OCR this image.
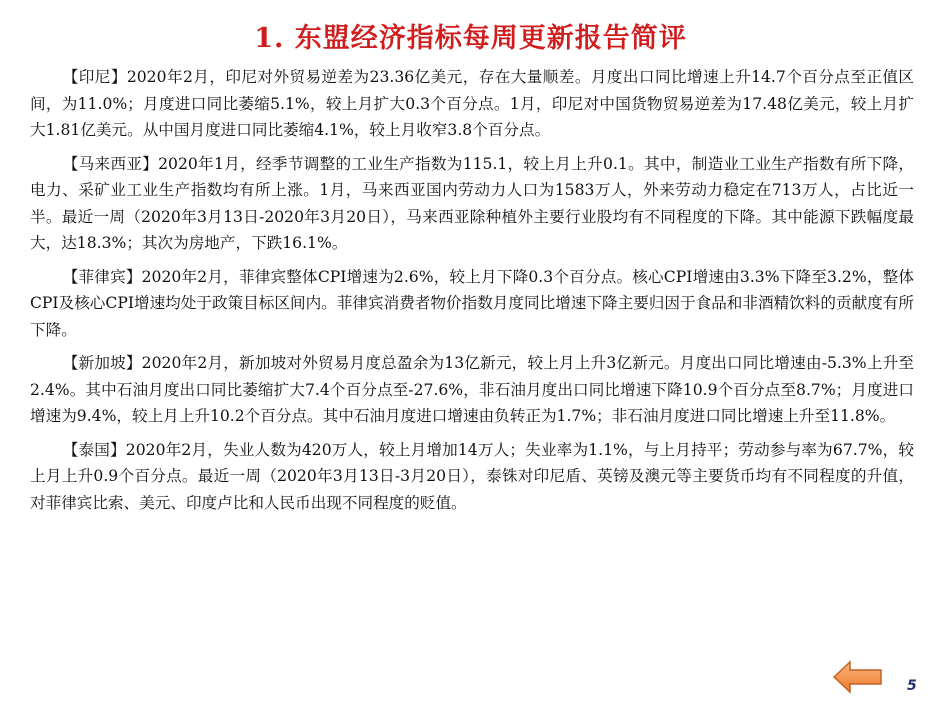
1. 东盟经济指标每周更新报告简评

【印尼】2020年2月，印尼对外贸易逆差为23.36亿美元，存在大量顺差。月度出口同比增速上升14.7个百分点至正值区间，为11.0%；月度进口同比萎缩5.1%，较上月扩大0.3个百分点。1月，印尼对中国货物贸易逆差为17.48亿美元，较上月扩大1.81亿美元。从中国月度进口同比萎缩4.1%，较上月收窄3.8个百分点。

【马来西亚】2020年1月，经季节调整的工业生产指数为115.1，较上月上升0.1。其中，制造业工业生产指数有所下降，电力、采矿业工业生产指数均有所上涨。1月，马来西亚国内劳动力人口为1583万人，外来劳动力稳定在713万人，占比近一半。最近一周（2020年3月13日-2020年3月20日），马来西亚除种植外主要行业股均有不同程度的下降。其中能源下跌幅度最大，达18.3%；其次为房地产，下跌16.1%。

【菲律宾】2020年2月，菲律宾整体CPI增速为2.6%，较上月下降0.3个百分点。核心CPI增速由3.3%下降至3.2%，整体CPI及核心CPI增速均处于政策目标区间内。菲律宾消费者物价指数月度同比增速下降主要归因于食品和非酒精饮料的贡献度有所下降。

【新加坡】2020年2月，新加坡对外贸易月度总盈余为13亿新元，较上月上升3亿新元。月度出口同比增速由-5.3%上升至2.4%。其中石油月度出口同比萎缩扩大7.4个百分点至-27.6%，非石油月度出口同比增速下降10.9个百分点至8.7%；月度进口增速为9.4%，较上月上升10.2个百分点。其中石油月度进口增速由负转正为1.7%；非石油月度进口同比增速上升至11.8%。

【泰国】2020年2月，失业人数为420万人，较上月增加14万人；失业率为1.1%，与上月持平；劳动参与率为67.7%，较上月上升0.9个百分点。最近一周（2020年3月13日-3月20日），泰铢对印尼盾、英镑及澳元等主要货币均有不同程度的升值，对菲律宾比索、美元、印度卢比和人民币出现不同程度的贬值。

5
